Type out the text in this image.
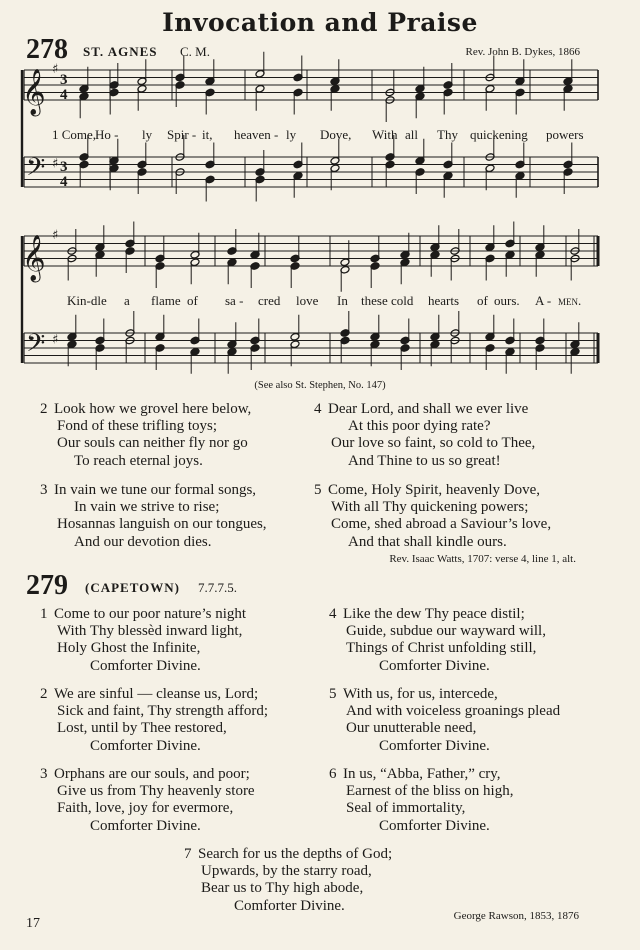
Invocation and Praise
278 ST. AGNES C. M.	Rev. John B. Dykes, 1866
𝄞 ♯
3
4
𝄢 ♯ 3
4
𝄞 ♯
𝄢 ♯
1 Come,
Ho - ly Spir - it, heaven - ly Dove, With all Thy quickening powers
Kin-dle a flame of sa - cred love In these cold hearts of ours. A - men.
(See also St. Stephen, No. 147)
2 Look how we grovel here below,
Fond of these trifling toys;
Our souls can neither fly nor go
To reach eternal joys.
3 In vain we tune our formal songs,
In vain we strive to rise;
Hosannas languish on our tongues,
And our devotion dies.
4 Dear Lord, and shall we ever live
At this poor dying rate?
Our love so faint, so cold to Thee,
And Thine to us so great!
5 Come, Holy Spirit, heavenly Dove,
With all Thy quickening powers;
Come, shed abroad a Saviour’s love,
And that shall kindle ours.
Rev. Isaac Watts, 1707: verse 4, line 1, alt.
279 (CAPETOWN) 7.7.7.5.
1 Come to our poor nature’s night
With Thy blessèd inward light,
Holy Ghost the Infinite,
Comforter Divine.
2 We are sinful — cleanse us, Lord;
Sick and faint, Thy strength afford;
Lost, until by Thee restored,
Comforter Divine.
3 Orphans are our souls, and poor;
Give us from Thy heavenly store
Faith, love, joy for evermore,
Comforter Divine.
4 Like the dew Thy peace distil;
Guide, subdue our wayward will,
Things of Christ unfolding still,
Comforter Divine.
5 With us, for us, intercede,
And with voiceless groanings plead
Our unutterable need,
Comforter Divine.
6 In us, “Abba, Father,” cry,
Earnest of the bliss on high,
Seal of immortality,
Comforter Divine.
7 Search for us the depths of God;
Upwards, by the starry road,
Bear us to Thy high abode,
Comforter Divine.
George Rawson, 1853, 1876
17
